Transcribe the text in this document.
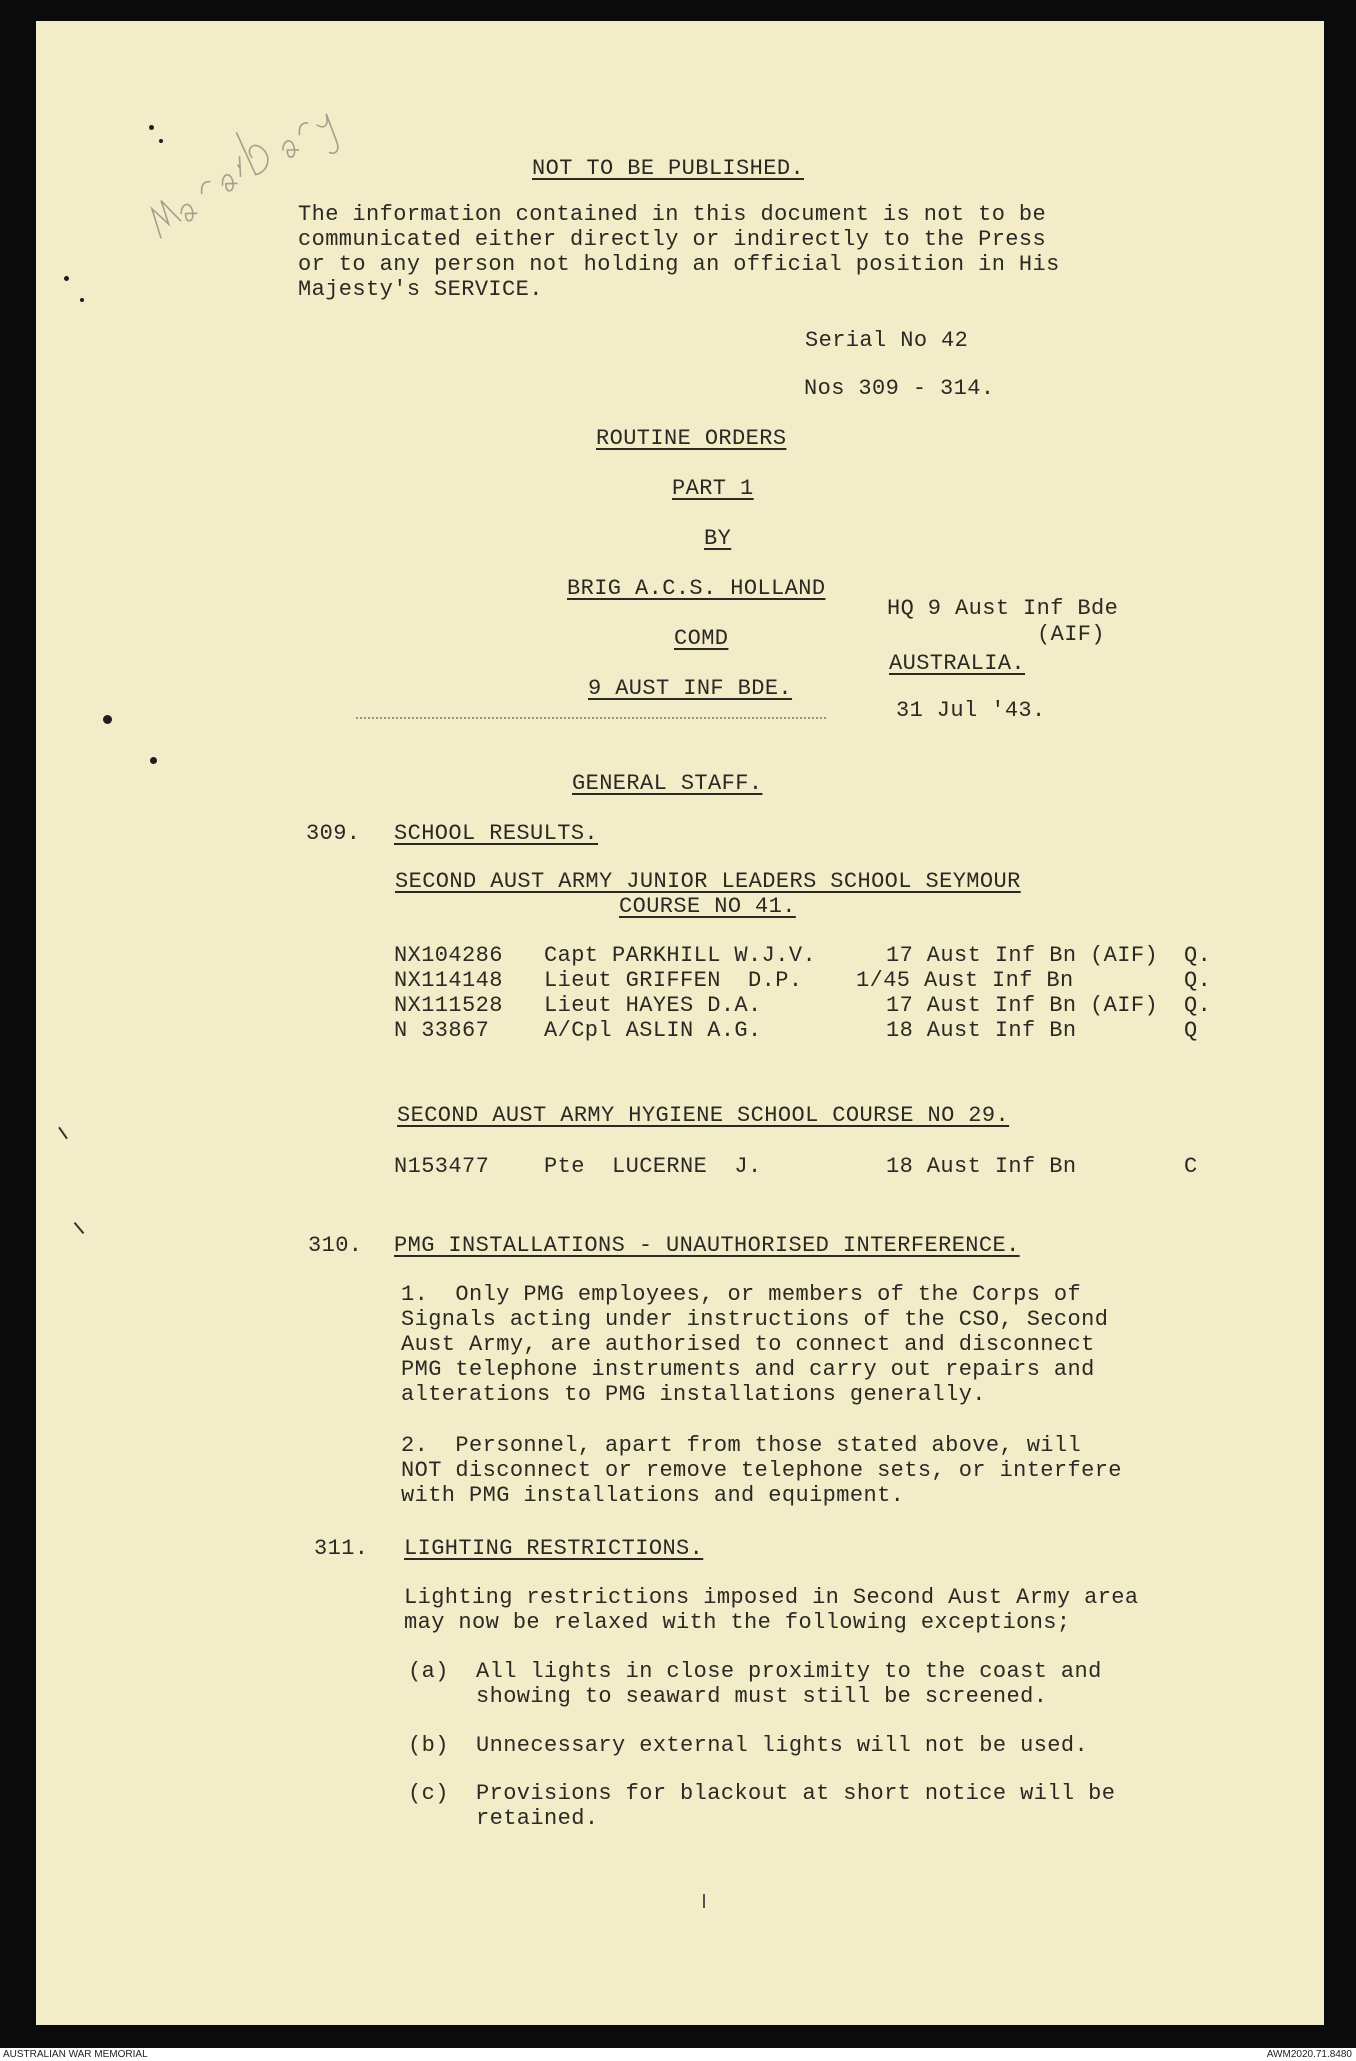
NOT TO BE PUBLISHED.
The information contained in this document is not to be
communicated either directly or indirectly to the Press
or to any person not holding an official position in His
Majesty's SERVICE.
Serial No 42
Nos 309 - 314.
ROUTINE ORDERS
PART 1
BY
BRIG A.C.S. HOLLAND
COMD
9 AUST INF BDE.
HQ 9 Aust Inf Bde
(AIF)
AUSTRALIA.
31 Jul '43.
GENERAL STAFF.
309. SCHOOL RESULTS.
SECOND AUST ARMY JUNIOR LEADERS SCHOOL SEYMOUR
COURSE NO 41.
NX104286 Capt PARKHILL W.J.V.	17 Aust Inf Bn (AIF) Q.
NX114148 Lieut GRIFFEN  D.P. 1/45 Aust Inf Bn	Q.
NX111528 Lieut HAYES D.A.	17 Aust Inf Bn (AIF) Q.
N 33867 A/Cpl ASLIN A.G.	18 Aust Inf Bn	Q
SECOND AUST ARMY HYGIENE SCHOOL COURSE NO 29.
N153477 Pte  LUCERNE  J.	18 Aust Inf Bn	C
310. PMG INSTALLATIONS - UNAUTHORISED INTERFERENCE.
1.  Only PMG employees, or members of the Corps of
Signals acting under instructions of the CSO, Second
Aust Army, are authorised to connect and disconnect
PMG telephone instruments and carry out repairs and
alterations to PMG installations generally.
2.  Personnel, apart from those stated above, will
NOT disconnect or remove telephone sets, or interfere
with PMG installations and equipment.
311. LIGHTING RESTRICTIONS.
Lighting restrictions imposed in Second Aust Army area
may now be relaxed with the following exceptions;
(a) All lights in close proximity to the coast and
showing to seaward must still be screened.
(b) Unnecessary external lights will not be used.
(c) Provisions for blackout at short notice will be
retained.
AUSTRALIAN WAR MEMORIAL	AWM2020.71.8480
